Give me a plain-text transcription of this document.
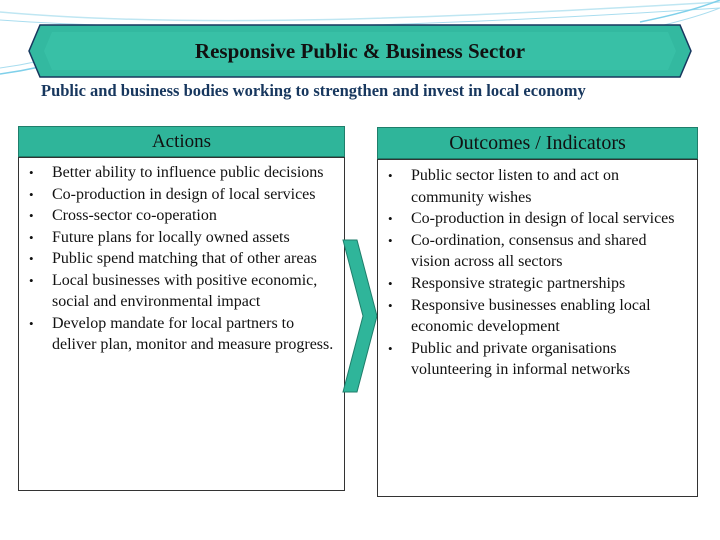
Responsive Public & Business Sector
Public and business bodies working to strengthen and invest in local economy
Actions
• Better ability to influence public decisions
• Co-production in design of local services
• Cross-sector co-operation
• Future plans for locally owned assets
• Public spend matching that of other areas
• Local businesses with positive economic, social and environmental impact
• Develop mandate for local partners to deliver plan, monitor and measure progress.
Outcomes / Indicators
• Public sector listen to and act on community wishes
• Co-production in design of local services
• Co-ordination, consensus and shared vision across all sectors
• Responsive strategic partnerships
• Responsive businesses enabling local economic development
• Public and private organisations volunteering in informal networks
